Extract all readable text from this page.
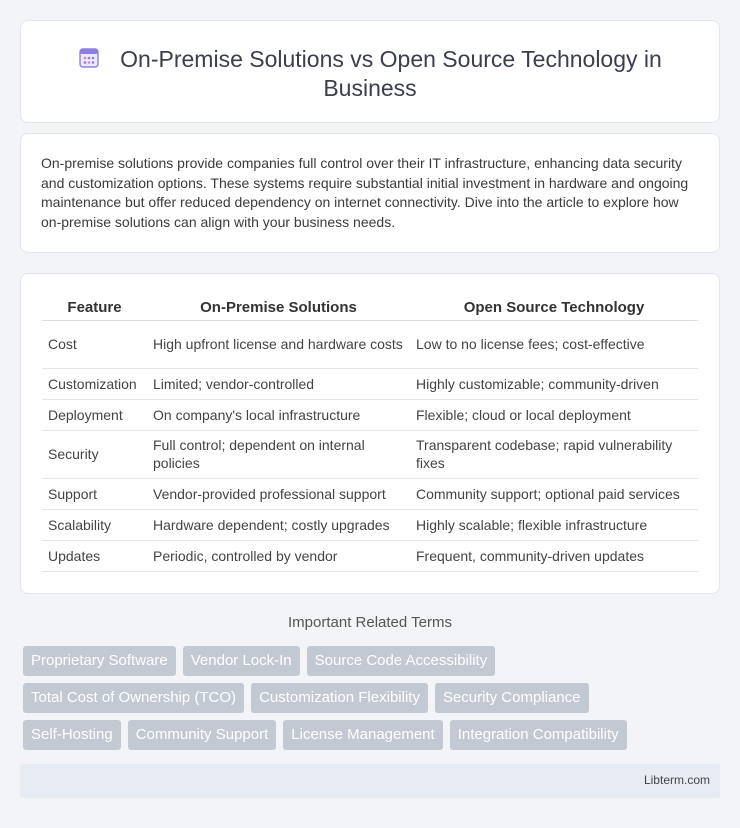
On-Premise Solutions vs Open Source Technology in Business

On-premise solutions provide companies full control over their IT infrastructure, enhancing data security and customization options. These systems require substantial initial investment in hardware and ongoing maintenance but offer reduced dependency on internet connectivity. Dive into the article to explore how on-premise solutions can align with your business needs.

Feature	On-Premise Solutions	Open Source Technology
Cost	High upfront license and hardware costs	Low to no license fees; cost-effective
Customization	Limited; vendor-controlled	Highly customizable; community-driven
Deployment	On company's local infrastructure	Flexible; cloud or local deployment
Security	Full control; dependent on internal policies	Transparent codebase; rapid vulnerability fixes
Support	Vendor-provided professional support	Community support; optional paid services
Scalability	Hardware dependent; costly upgrades	Highly scalable; flexible infrastructure
Updates	Periodic, controlled by vendor	Frequent, community-driven updates
Important Related Terms
Proprietary Software	Vendor Lock-In	Source Code Accessibility
Total Cost of Ownership (TCO)	Customization Flexibility	Security Compliance
Self-Hosting	Community Support	License Management	Integration Compatibility
Libterm.com
